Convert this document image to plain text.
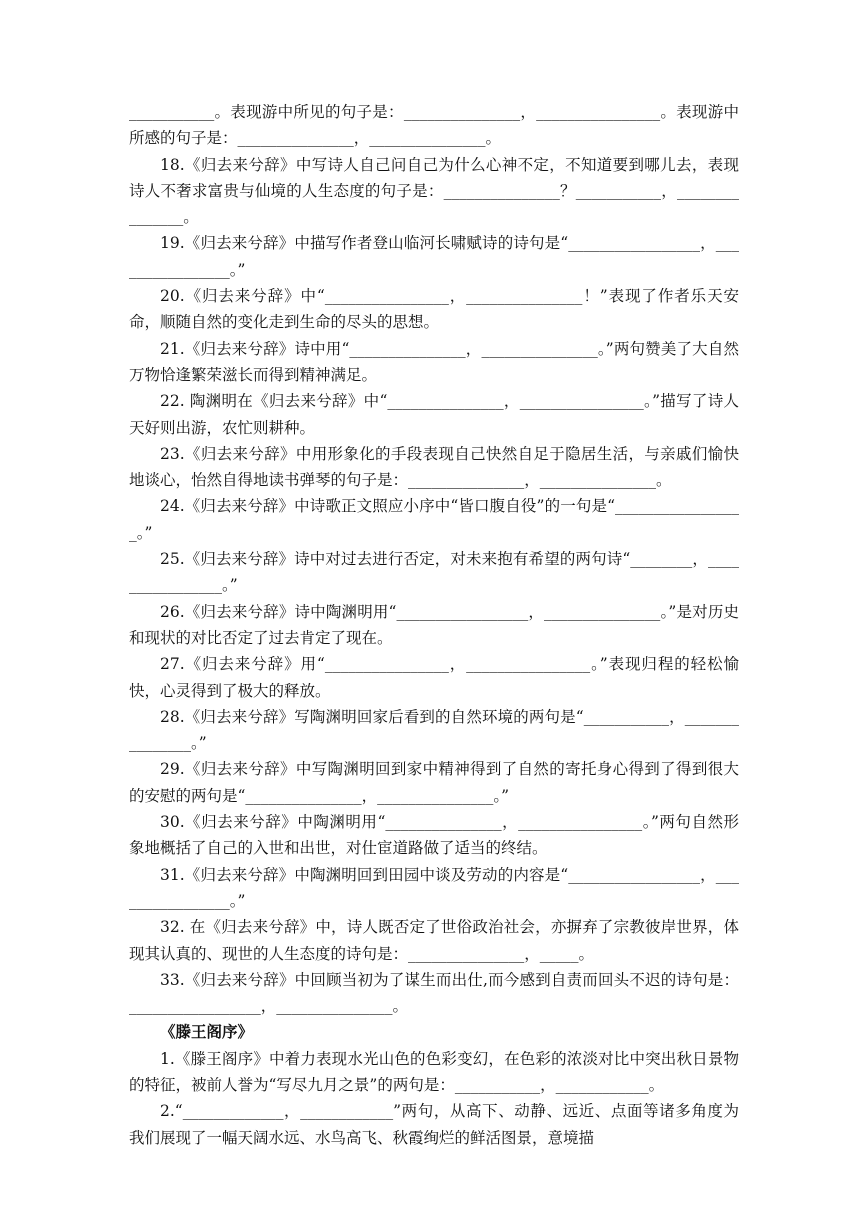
___________。表现游中所见的句子是：_______________，________________。表现游中所感的句子是：_______________，_______________。

18.《归去来兮辞》中写诗人自己问自己为什么心神不定，不知道要到哪儿去，表现诗人不奢求富贵与仙境的人生态度的句子是：_______________？___________，_______________。

19.《归去来兮辞》中描写作者登山临河长啸赋诗的诗句是“_________________，________________。”

20.《归去来兮辞》中“________________，_______________！”表现了作者乐天安命，顺随自然的变化走到生命的尽头的思想。

21.《归去来兮辞》诗中用“_______________，_______________。”两句赞美了大自然万物恰逢繁荣滋长而得到精神满足。

22. 陶渊明在《归去来兮辞》中“_______________，________________。”描写了诗人天好则出游，农忙则耕种。

23.《归去来兮辞》中用形象化的手段表现自己快然自足于隐居生活，与亲戚们愉快地谈心，怡然自得地读书弹琴的句子是：_______________，_______________。

24.《归去来兮辞》中诗歌正文照应小序中“皆口腹自役”的一句是“_________________。”

25.《归去来兮辞》诗中对过去进行否定，对未来抱有希望的两句诗“________，________________。”

26.《归去来兮辞》诗中陶渊明用“_________________，_______________。”是对历史和现状的对比否定了过去肯定了现在。

27.《归去来兮辞》用“________________，________________。”表现归程的轻松愉快，心灵得到了极大的释放。

28.《归去来兮辞》写陶渊明回家后看到的自然环境的两句是“___________，_______________。”

29.《归去来兮辞》中写陶渊明回到家中精神得到了自然的寄托身心得到了得到很大的安慰的两句是“_______________，_______________。”

30.《归去来兮辞》中陶渊明用“_______________，________________。”两句自然形象地概括了自己的入世和出世，对仕宦道路做了适当的终结。

31.《归去来兮辞》中陶渊明回到田园中谈及劳动的内容是“_________________，________________。”

32. 在《归去来兮辞》中，诗人既否定了世俗政治社会，亦摒弃了宗教彼岸世界，体现其认真的、现世的人生态度的诗句是：_______________，_____。

33.《归去来兮辞》中回顾当初为了谋生而出仕,而今感到自责而回头不迟的诗句是：_________________，_______________。

《滕王阁序》

1.《滕王阁序》中着力表现水光山色的色彩变幻，在色彩的浓淡对比中突出秋日景物的特征，被前人誉为“写尽九月之景”的两句是：___________，____________。

2.“_____________，____________”两句，从高下、动静、远近、点面等诸多角度为我们展现了一幅天阔水远、水鸟高飞、秋霞绚烂的鲜活图景，意境描
